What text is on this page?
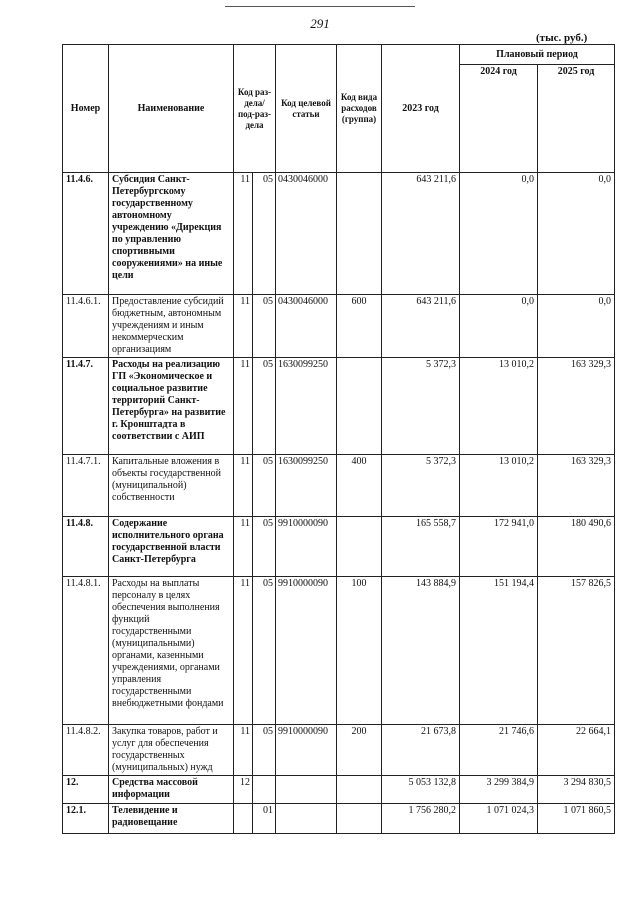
291
(тыс. руб.)
Номер	Наименование	Код раз-дела/ под-раз-дела		Код целевой статьи	Код вида расходов (группа)	2023 год	Плановый период	
							2024 год	2025 год
11.4.6.	Субсидия Санкт-Петербургскому государственному автономному учреждению «Дирекция по управлению спортивными сооружениями» на иные цели	11	05	0430046000		643 211,6	0,0	0,0
11.4.6.1.	Предоставление субсидий бюджетным, автономным учреждениям и иным некоммерческим организациям	11	05	0430046000	600	643 211,6	0,0	0,0
11.4.7.	Расходы на реализацию ГП «Экономическое и социальное развитие территорий Санкт-Петербурга» на развитие г. Кронштадта в соответствии с АИП	11	05	1630099250		5 372,3	13 010,2	163 329,3
11.4.7.1.	Капитальные вложения в объекты государственной (муниципальной) собственности	11	05	1630099250	400	5 372,3	13 010,2	163 329,3
11.4.8.	Содержание исполнительного органа государственной власти Санкт-Петербурга	11	05	9910000090		165 558,7	172 941,0	180 490,6
11.4.8.1.	Расходы на выплаты персоналу в целях обеспечения выполнения функций государственными (муниципальными) органами, казенными учреждениями, органами управления государственными внебюджетными фондами	11	05	9910000090	100	143 884,9	151 194,4	157 826,5
11.4.8.2.	Закупка товаров, работ и услуг для обеспечения государственных (муниципальных) нужд	11	05	9910000090	200	21 673,8	21 746,6	22 664,1
12.	Средства массовой информации	12				5 053 132,8	3 299 384,9	3 294 830,5
12.1.	Телевидение и радиовещание		01			1 756 280,2	1 071 024,3	1 071 860,5
